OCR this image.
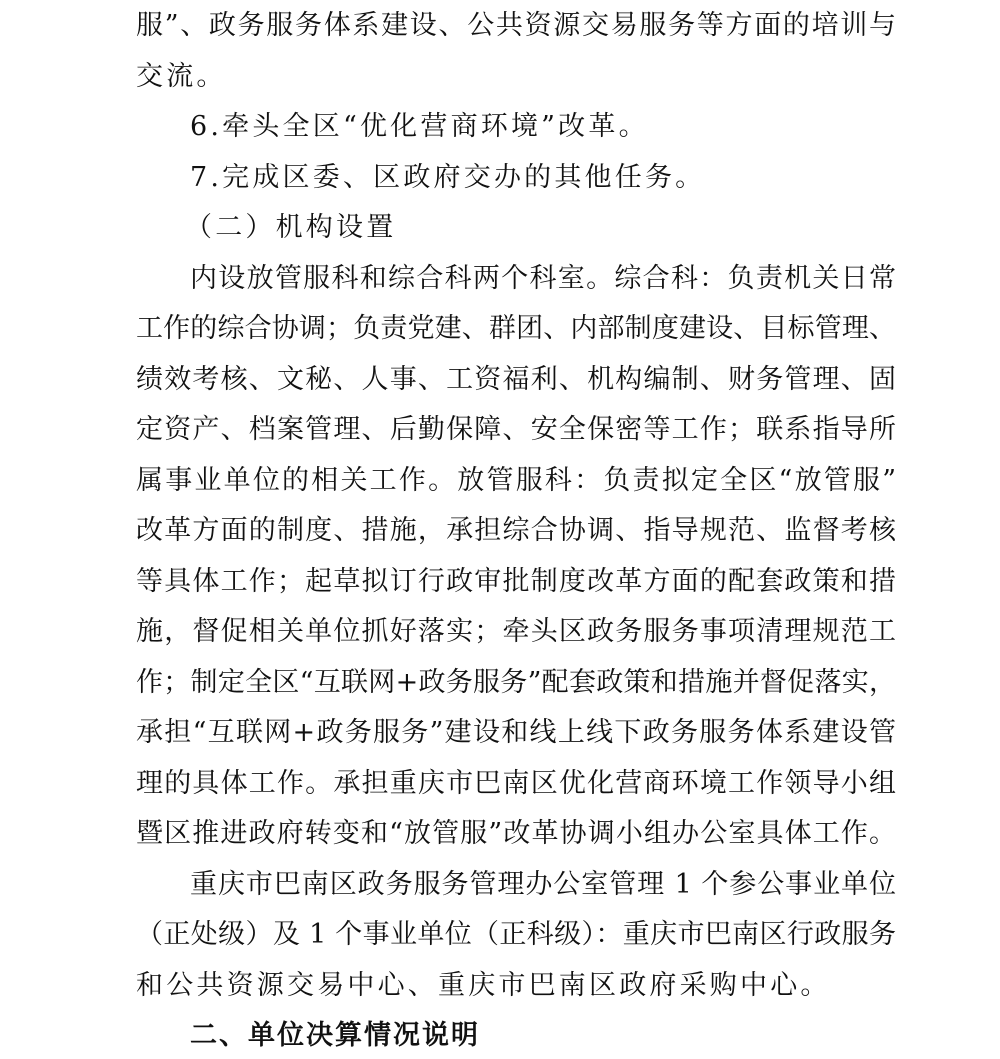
服”、政务服务体系建设、公共资源交易服务等方面的培训与
交流。
6.牵头全区“优化营商环境”改革。
7.完成区委、区政府交办的其他任务。
（二）机构设置
内设放管服科和综合科两个科室。综合科：负责机关日常
工作的综合协调；负责党建、群团、内部制度建设、目标管理、
绩效考核、文秘、人事、工资福利、机构编制、财务管理、固
定资产、档案管理、后勤保障、安全保密等工作；联系指导所
属事业单位的相关工作。放管服科：负责拟定全区“放管服”
改革方面的制度、措施，承担综合协调、指导规范、监督考核
等具体工作；起草拟订行政审批制度改革方面的配套政策和措
施，督促相关单位抓好落实；牵头区政务服务事项清理规范工
作；制定全区“互联网+政务服务”配套政策和措施并督促落实，
承担“互联网+政务服务”建设和线上线下政务服务体系建设管
理的具体工作。承担重庆市巴南区优化营商环境工作领导小组
暨区推进政府转变和“放管服”改革协调小组办公室具体工作。
重庆市巴南区政务服务管理办公室管理 1 个参公事业单位
（正处级）及 1 个事业单位（正科级）：重庆市巴南区行政服务
和公共资源交易中心、重庆市巴南区政府采购中心。
二、单位决算情况说明
